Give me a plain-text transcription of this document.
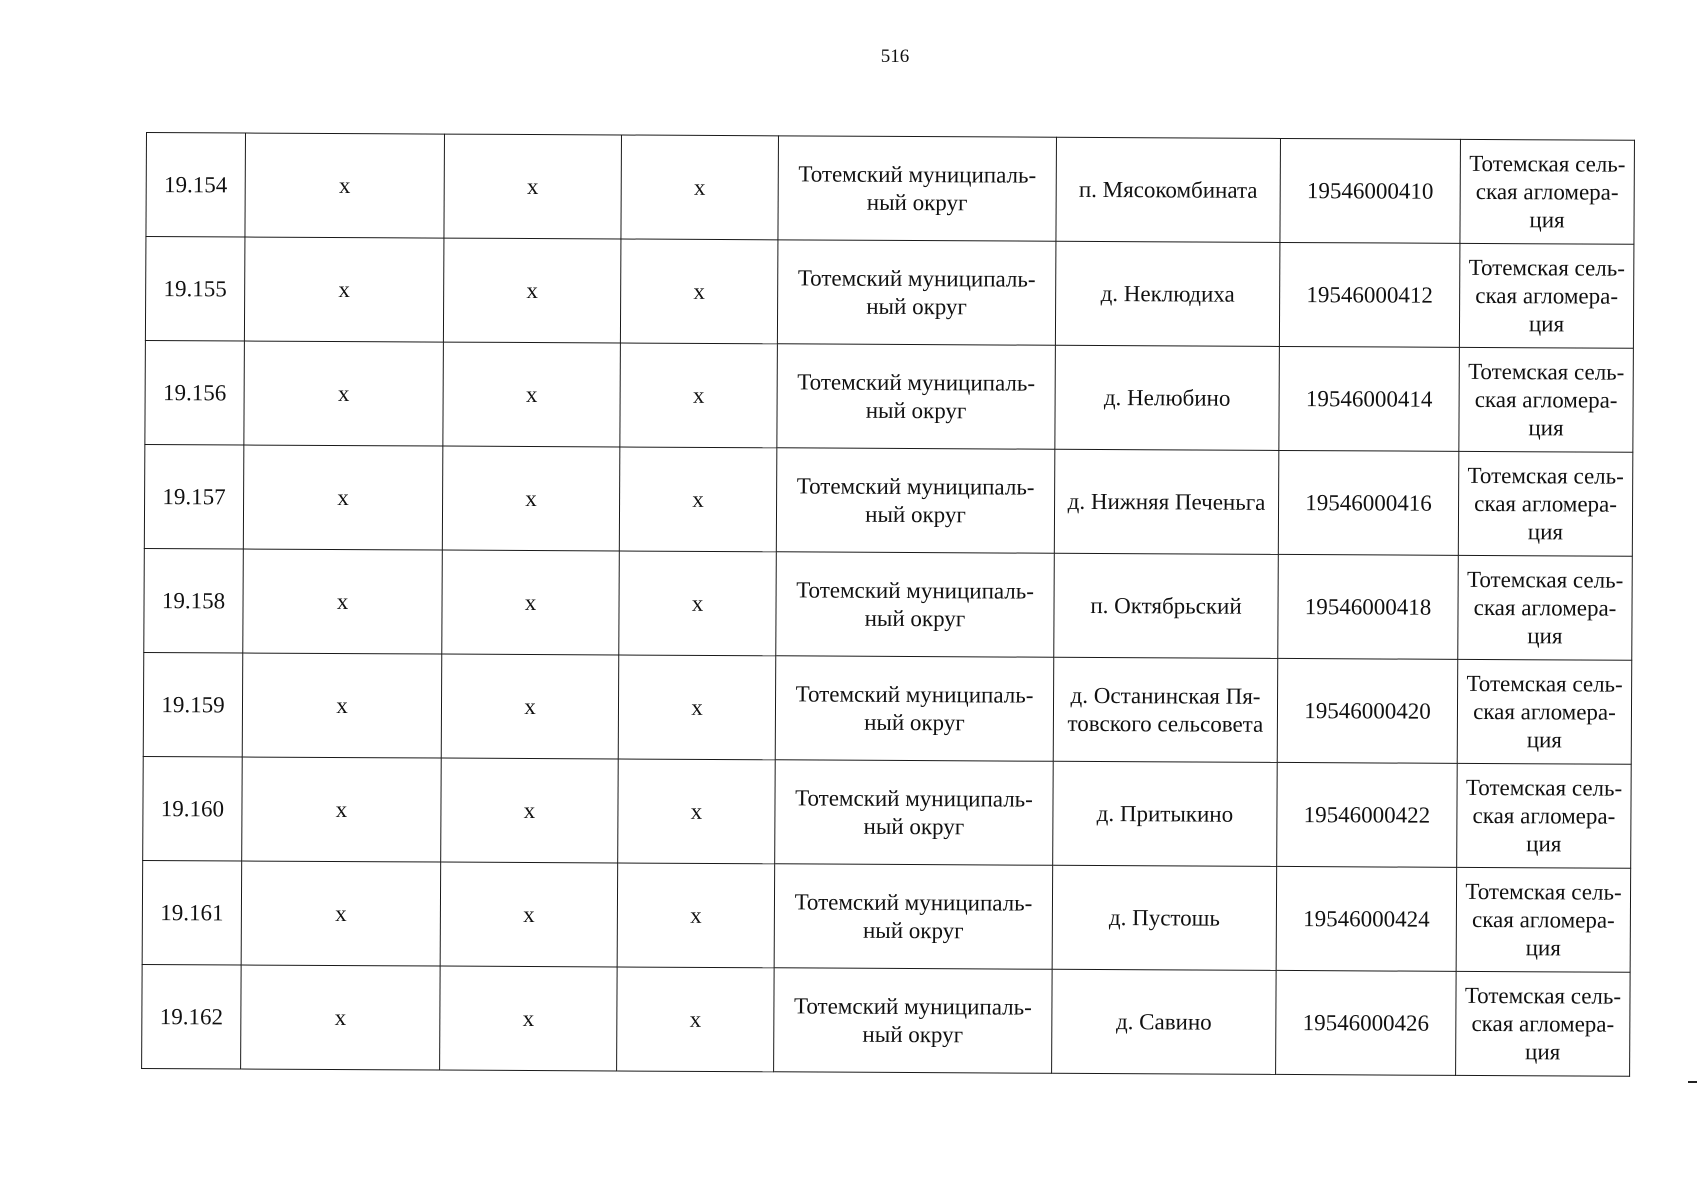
516
19.154	x	x	x	Тотемский муниципаль-ный округ	п. Мясокомбината	19546000410	Тотемская сель-ская агломера-ция
19.155	x	x	x	Тотемский муниципаль-ный округ	д. Неклюдиха	19546000412	Тотемская сель-ская агломера-ция
19.156	x	x	x	Тотемский муниципаль-ный округ	д. Нелюбино	19546000414	Тотемская сель-ская агломера-ция
19.157	x	x	x	Тотемский муниципаль-ный округ	д. Нижняя Печеньга	19546000416	Тотемская сель-ская агломера-ция
19.158	x	x	x	Тотемский муниципаль-ный округ	п. Октябрьский	19546000418	Тотемская сель-ская агломера-ция
19.159	x	x	x	Тотемский муниципаль-ный округ	д. Останинская Пя-товского сельсовета	19546000420	Тотемская сель-ская агломера-ция
19.160	x	x	x	Тотемский муниципаль-ный округ	д. Притыкино	19546000422	Тотемская сель-ская агломера-ция
19.161	x	x	x	Тотемский муниципаль-ный округ	д. Пустошь	19546000424	Тотемская сель-ская агломера-ция
19.162	x	x	x	Тотемский муниципаль-ный округ	д. Савино	19546000426	Тотемская сель-ская агломера-ция
